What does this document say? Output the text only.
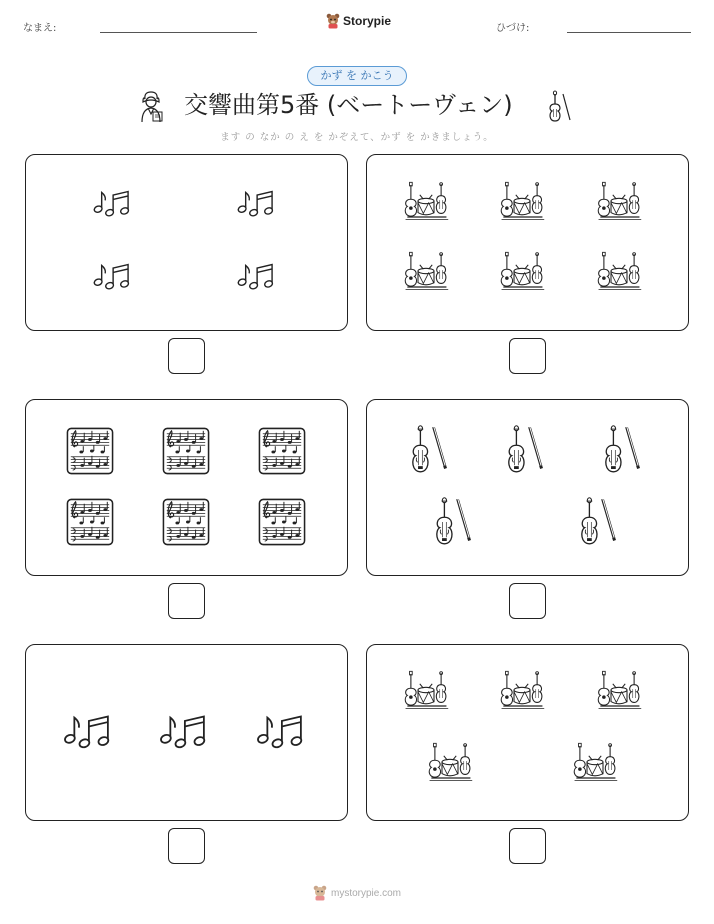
なまえ:
Storypie
ひづけ:
かず を かこう
交響曲第5番 (ベートーヴェン)
ます の なか の え を かぞえて、かず を かきましょう。
mystorypie.com
